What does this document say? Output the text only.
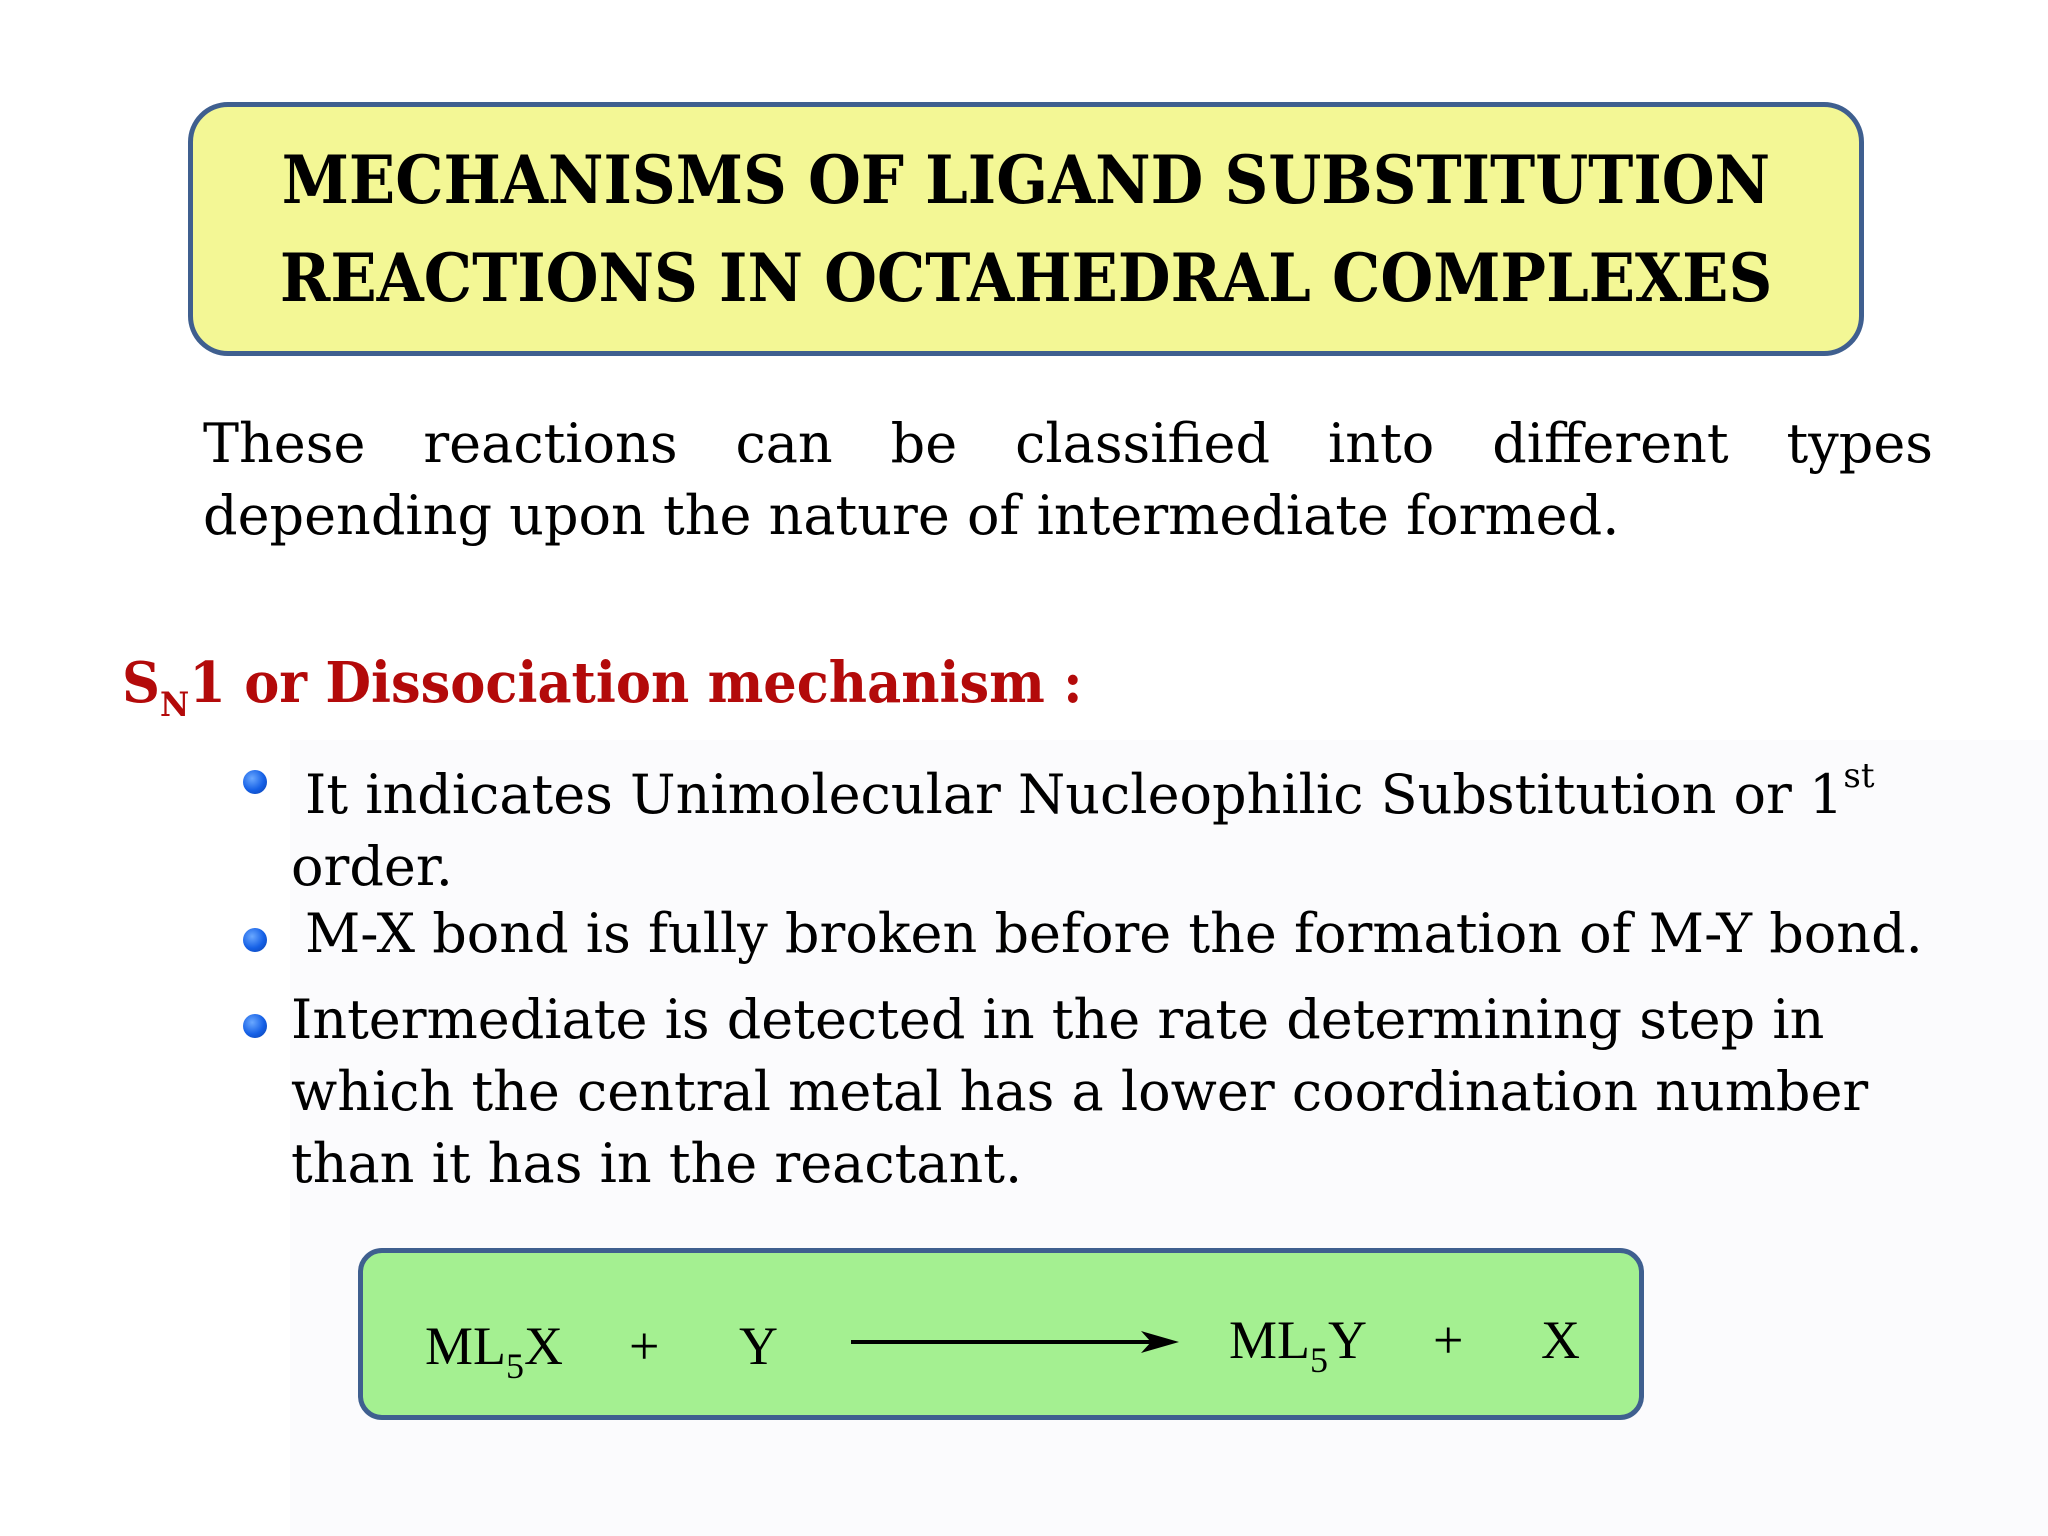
MECHANISMS OF LIGAND SUBSTITUTION
REACTIONS IN OCTAHEDRAL COMPLEXES
These reactions can be classified into different types depending upon the nature of intermediate formed.
$S_N1$ or Dissociation mechanism :
It indicates Unimolecular Nucleophilic Substitution or 1st
order.
M-X bond is fully broken before the formation of M-Y bond.
Intermediate is detected in the rate determining step in which the central metal has a lower coordination number than it has in the reactant.
$ML_5X + Y$	$ML_5Y + X$
